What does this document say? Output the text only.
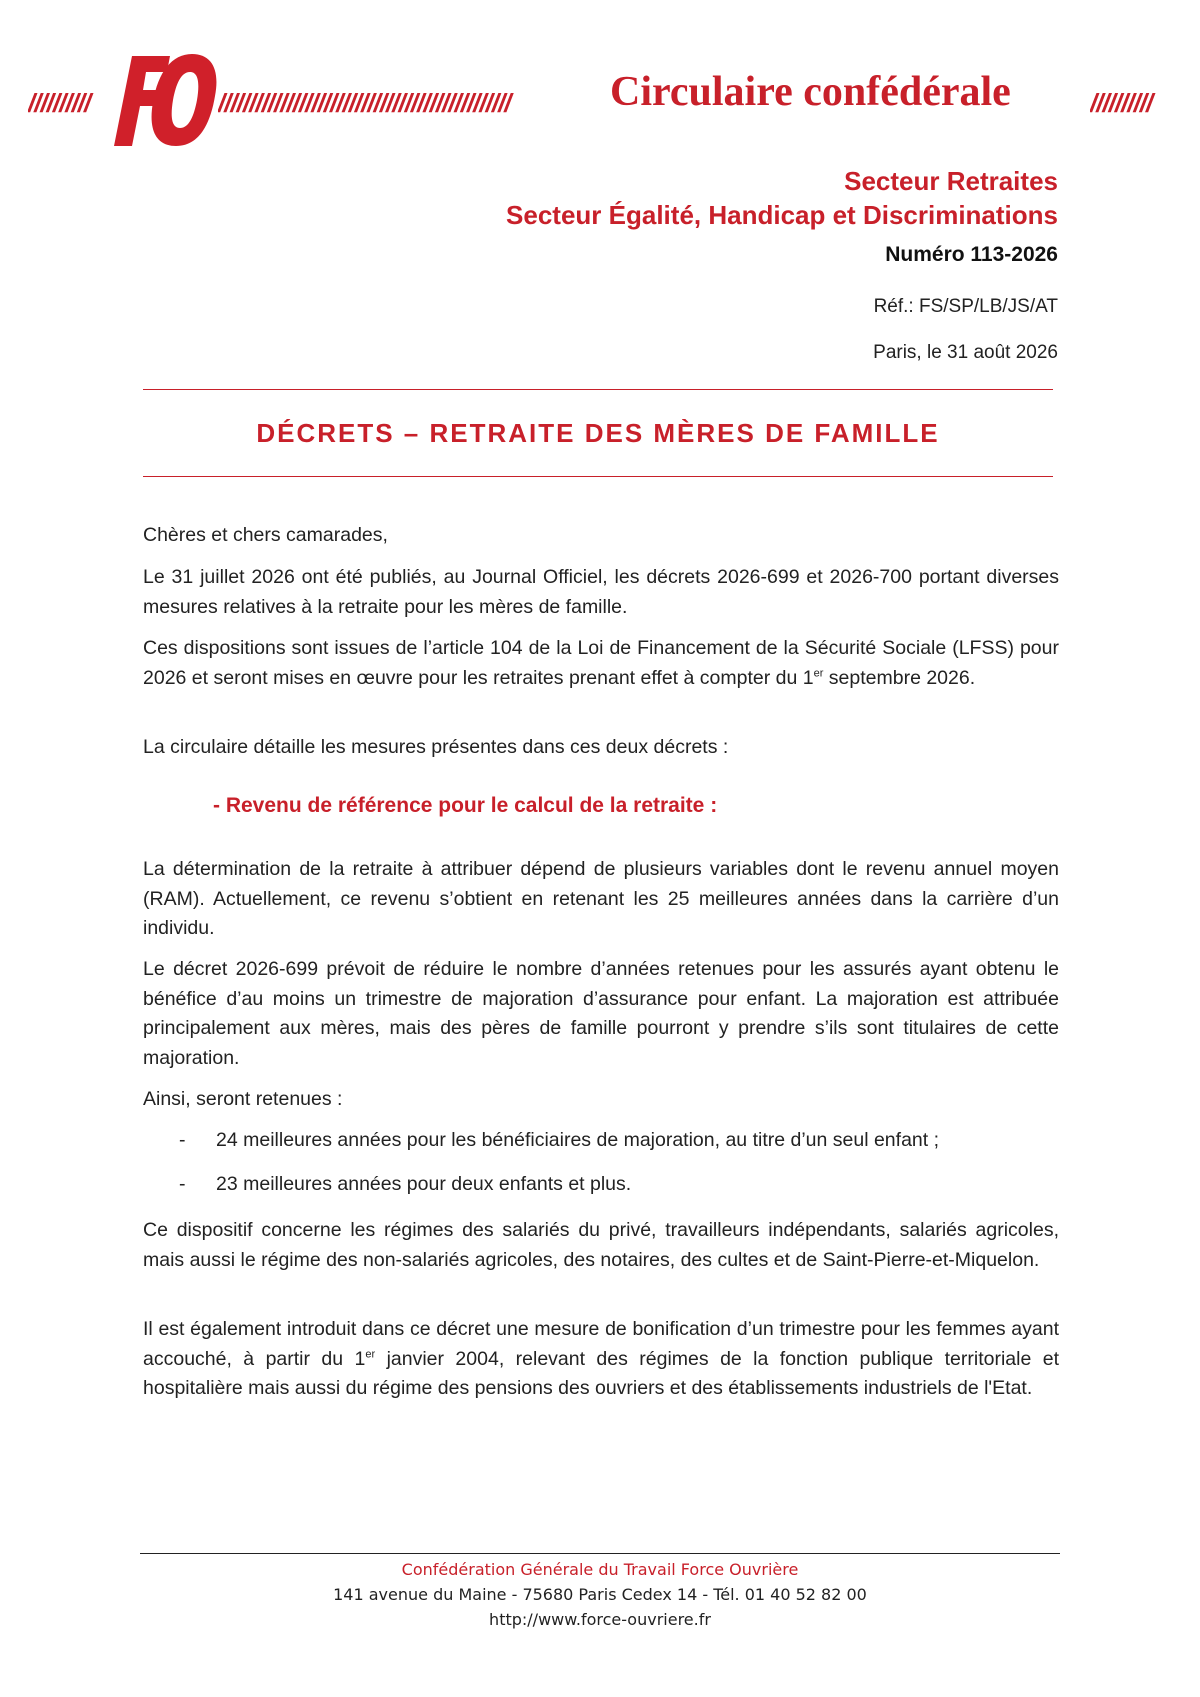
//////////	///////////////////////////////////////////////	Circulaire confédérale	//////////
Secteur Retraites
Secteur Égalité, Handicap et Discriminations
Numéro 113-2026
Réf.: FS/SP/LB/JS/AT
Paris, le 31 août 2026
DÉCRETS – RETRAITE DES MÈRES DE FAMILLE

Chères et chers camarades,

Le 31 juillet 2026 ont été publiés, au Journal Officiel, les décrets 2026-699 et 2026-700 portant diverses mesures relatives à la retraite pour les mères de famille.

Ces dispositions sont issues de l’article 104 de la Loi de Financement de la Sécurité Sociale (LFSS) pour 2026 et seront mises en œuvre pour les retraites prenant effet à compter du 1er septembre 2026.

La circulaire détaille les mesures présentes dans ces deux décrets :

- Revenu de référence pour le calcul de la retraite :

La détermination de la retraite à attribuer dépend de plusieurs variables dont le revenu annuel moyen (RAM). Actuellement, ce revenu s’obtient en retenant les 25 meilleures années dans la carrière d’un individu.

Le décret 2026-699 prévoit de réduire le nombre d’années retenues pour les assurés ayant obtenu le bénéfice d’au moins un trimestre de majoration d’assurance pour enfant. La majoration est attribuée principalement aux mères, mais des pères de famille pourront y prendre s’ils sont titulaires de cette majoration.

Ainsi, seront retenues :

- 24 meilleures années pour les bénéficiaires de majoration, au titre d’un seul enfant ;
- 23 meilleures années pour deux enfants et plus.

Ce dispositif concerne les régimes des salariés du privé, travailleurs indépendants, salariés agricoles, mais aussi le régime des non-salariés agricoles, des notaires, des cultes et de Saint-Pierre-et-Miquelon.

Il est également introduit dans ce décret une mesure de bonification d’un trimestre pour les femmes ayant accouché, à partir du 1er janvier 2004, relevant des régimes de la fonction publique territoriale et hospitalière mais aussi du régime des pensions des ouvriers et des établissements industriels de l'Etat.

Confédération Générale du Travail Force Ouvrière
141 avenue du Maine - 75680 Paris Cedex 14 - Tél. 01 40 52 82 00
http://www.force-ouvriere.fr
